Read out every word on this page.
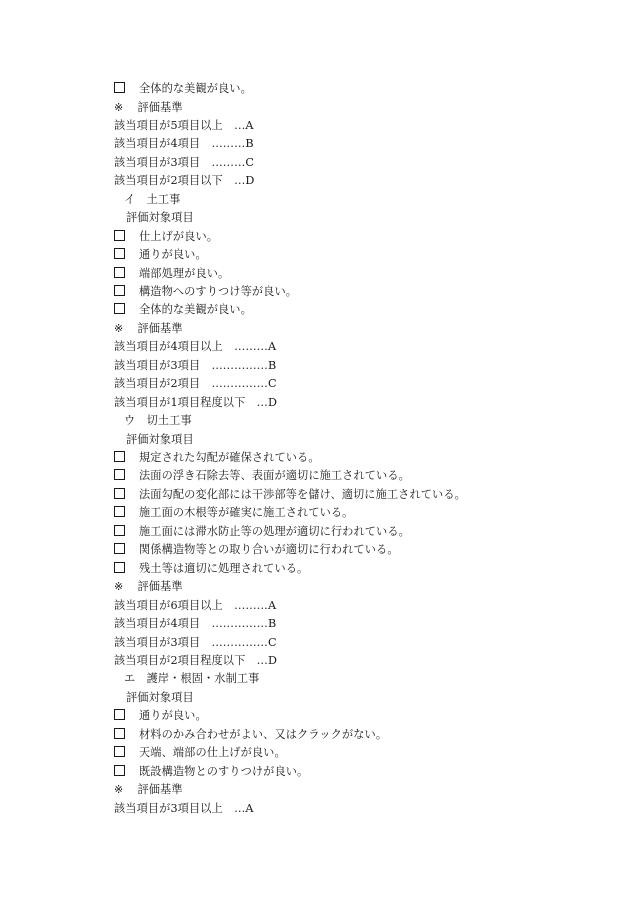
全体的な美観が良い。
※ 評価基準
該当項目が5項目以上　…A
該当項目が4項目　………B
該当項目が3項目　………C
該当項目が2項目以下　…D
イ　土工事
評価対象項目
仕上げが良い。
通りが良い。
端部処理が良い。
構造物へのすりつけ等が良い。
全体的な美観が良い。
※ 評価基準
該当項目が4項目以上　………A
該当項目が3項目　……………B
該当項目が2項目　……………C
該当項目が1項目程度以下　…D
ウ　切土工事
評価対象項目
規定された勾配が確保されている。
法面の浮き石除去等、表面が適切に施工されている。
法面勾配の変化部には干渉部等を儲け、適切に施工されている。
施工面の木根等が確実に施工されている。
施工面には滞水防止等の処理が適切に行われている。
関係構造物等との取り合いが適切に行われている。
残土等は適切に処理されている。
※ 評価基準
該当項目が6項目以上　………A
該当項目が4項目　……………B
該当項目が3項目　……………C
該当項目が2項目程度以下　…D
エ　護岸・根固・水制工事
評価対象項目
通りが良い。
材料のかみ合わせがよい、又はクラックがない。
天端、端部の仕上げが良い。
既設構造物とのすりつけが良い。
※ 評価基準
該当項目が3項目以上　…A
